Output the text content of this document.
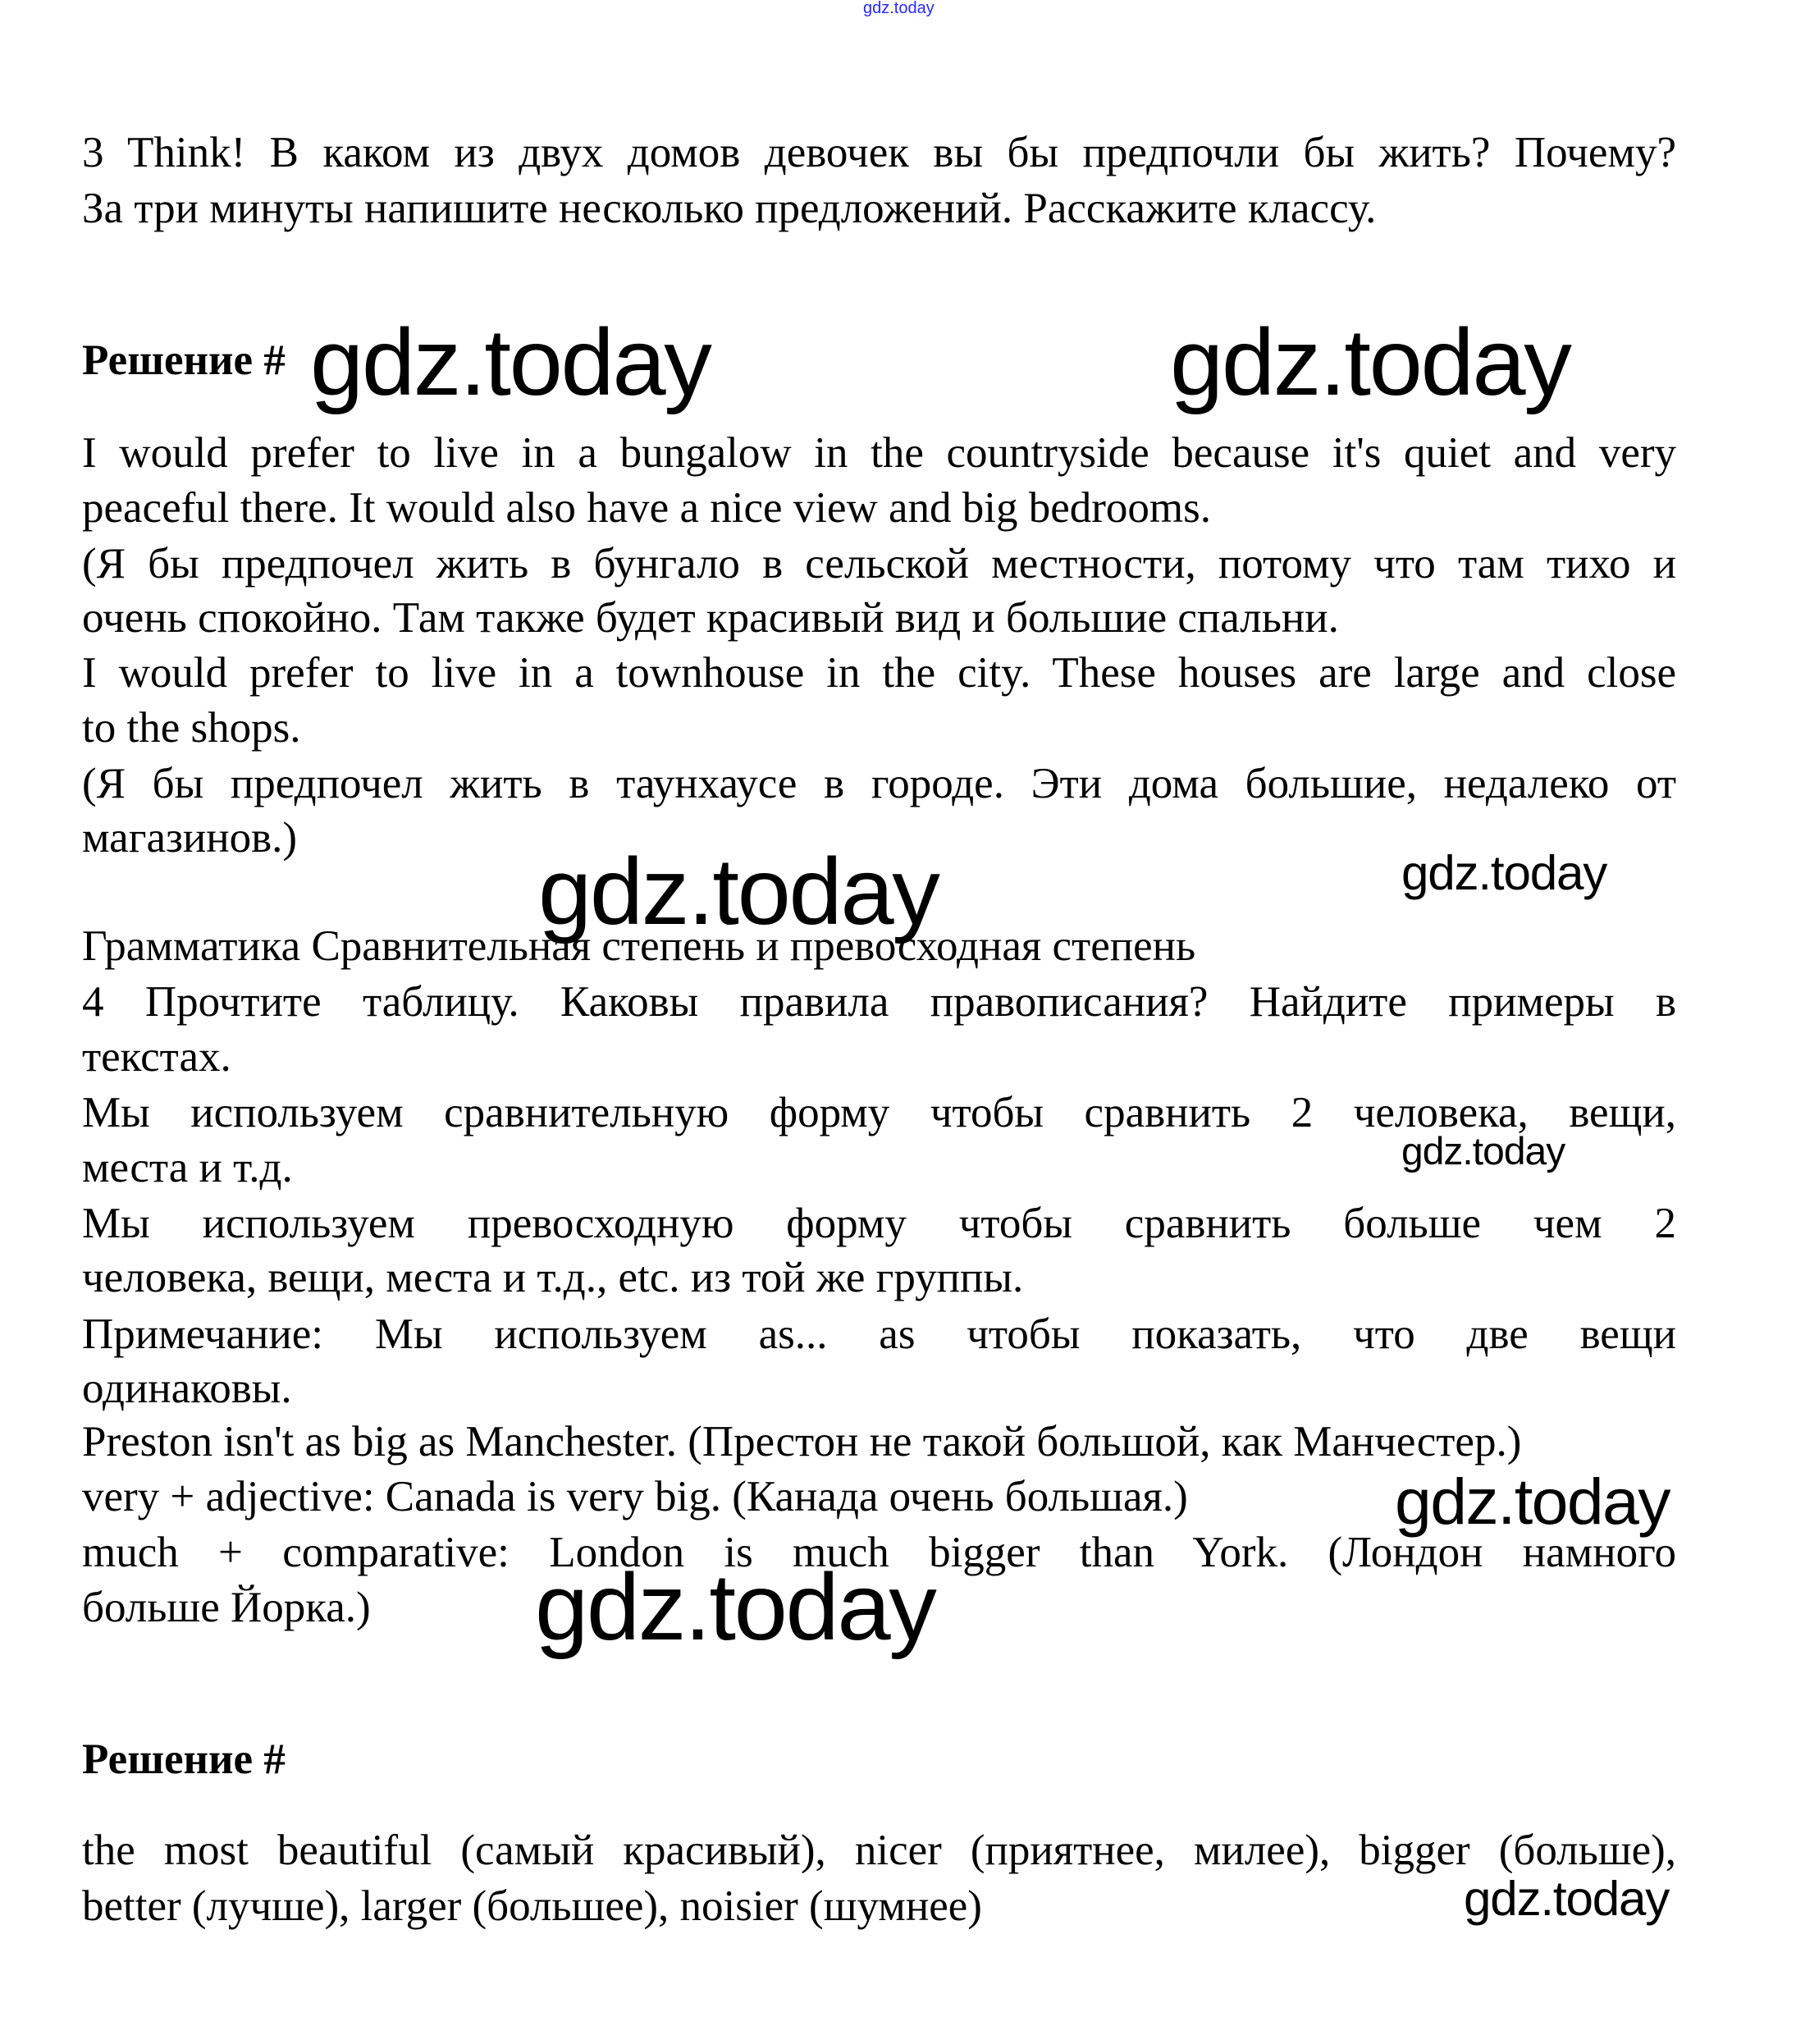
gdz.today
3 Think! В каком из двух домов девочек вы бы предпочли бы жить? Почему?
За три минуты напишите несколько предложений. Расскажите классу.
Решение #
I would prefer to live in a bungalow in the countryside because it's quiet and very
peaceful there. It would also have a nice view and big bedrooms.
(Я бы предпочел жить в бунгало в сельской местности, потому что там тихо и
очень спокойно. Там также будет красивый вид и большие спальни.
I would prefer to live in a townhouse in the city. These houses are large and close
to the shops.
(Я бы предпочел жить в таунхаусе в городе. Эти дома большие, недалеко от
магазинов.)
Грамматика Сравнительная степень и превосходная степень
4 Прочтите таблицу. Каковы правила правописания? Найдите примеры в
текстах.
Мы используем сравнительную форму чтобы сравнить 2 человека, вещи,
места и т.д.
Мы используем превосходную форму чтобы сравнить больше чем 2
человека, вещи, места и т.д., etc. из той же группы.
Примечание: Мы используем as... as чтобы показать, что две вещи
одинаковы.
Preston isn't as big as Manchester. (Престон не такой большой, как Манчестер.)
very + adjective: Canada is very big. (Канада очень большая.)
much + comparative: London is much bigger than York. (Лондон намного
больше Йорка.)
Решение #
the most beautiful (самый красивый), nicer (приятнее, милее), bigger (больше),
better (лучше), larger (большее), noisier (шумнее)
gdz.today	gdz.today
gdz.today	gdz.today
gdz.today
gdz.today
gdz.today
gdz.today
